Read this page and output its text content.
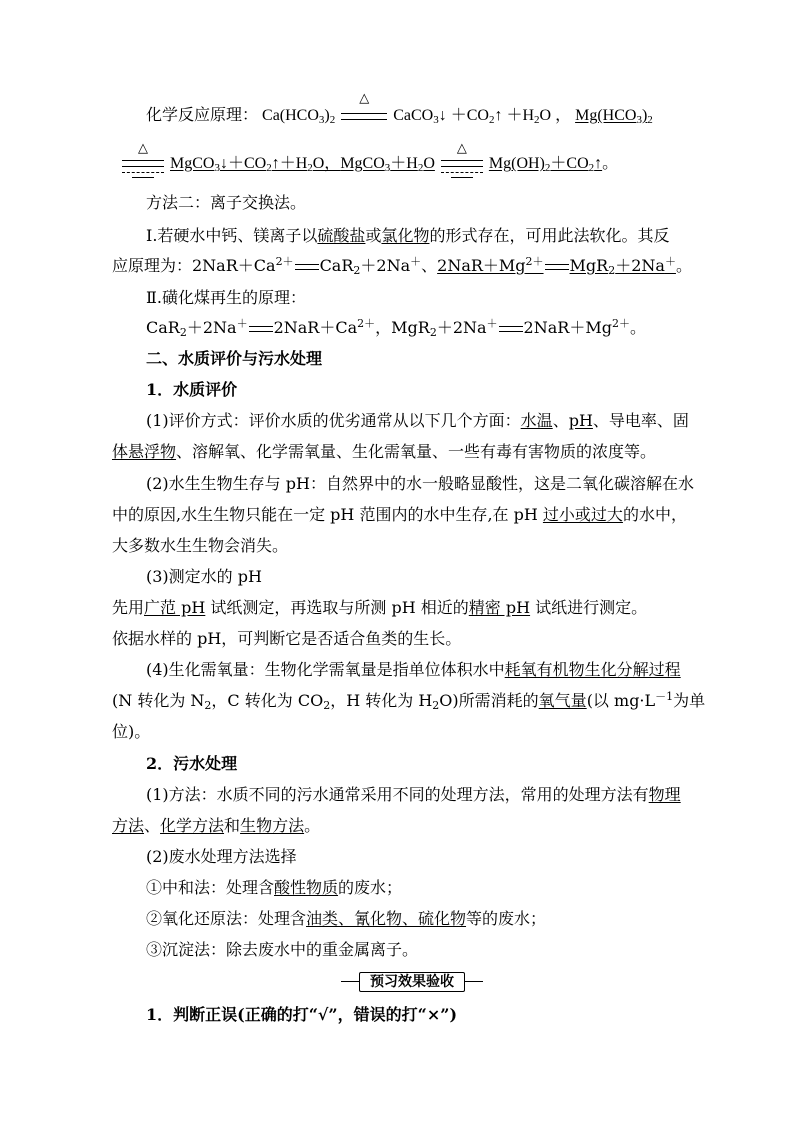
化学反应原理： $Ca(HCO_3)_2$
△
CaCO$_3$↓ $+CO_2↑ +H_2O$ ， $Mg(HCO_3)_2$
△
$MgCO_3↓+CO_2↑+H_2O$，$MgCO_3+H_2O$
△
$Mg(OH)_2+CO_2↑$。
方法二：离子交换法。
Ⅰ.若硬水中钙、镁离子以硫酸盐或氯化物的形式存在，可用此法软化。其反
应原理为：$2NaR+Ca^{2+}$ CaR$_2$＋2Na＋、$2NaR+Mg^{2+}$ MgR$_2$＋2Na＋。
Ⅱ.磺化煤再生的原理：
CaR$_2$＋2Na＋ $2NaR+Ca^{2+}$，MgR$_2$＋2Na＋ $2NaR+Mg^{2+}$。
二、水质评价与污水处理
1．水质评价
(1)评价方式：评价水质的优劣通常从以下几个方面：水温、pH、导电率、固
体悬浮物、溶解氧、化学需氧量、生化需氧量、一些有毒有害物质的浓度等。
(2)水生生物生存与 pH：自然界中的水一般略显酸性，这是二氧化碳溶解在水
中的原因,水生生物只能在一定 pH 范围内的水中生存,在 pH 过小或过大的水中，
大多数水生生物会消失。
(3)测定水的 pH
先用广范 pH 试纸测定，再选取与所测 pH 相近的精密 pH 试纸进行测定。
依据水样的 pH，可判断它是否适合鱼类的生长。
(4)生化需氧量：生物化学需氧量是指单位体积水中耗氧有机物生化分解过程
(N 转化为 $N_2$，C 转化为 $CO_2$，H 转化为 $H_2O$)所需消耗的氧气量(以 $mg\cdot L^{-1}$为单
位)。
2．污水处理
(1)方法：水质不同的污水通常采用不同的处理方法，常用的处理方法有物理
方法、化学方法和生物方法。
(2)废水处理方法选择
①中和法：处理含酸性物质的废水；
②氧化还原法：处理含油类、氰化物、硫化物等的废水；
③沉淀法：除去废水中的重金属离子。
预习效果验收
1．判断正误(正确的打“√”，错误的打“×”)
